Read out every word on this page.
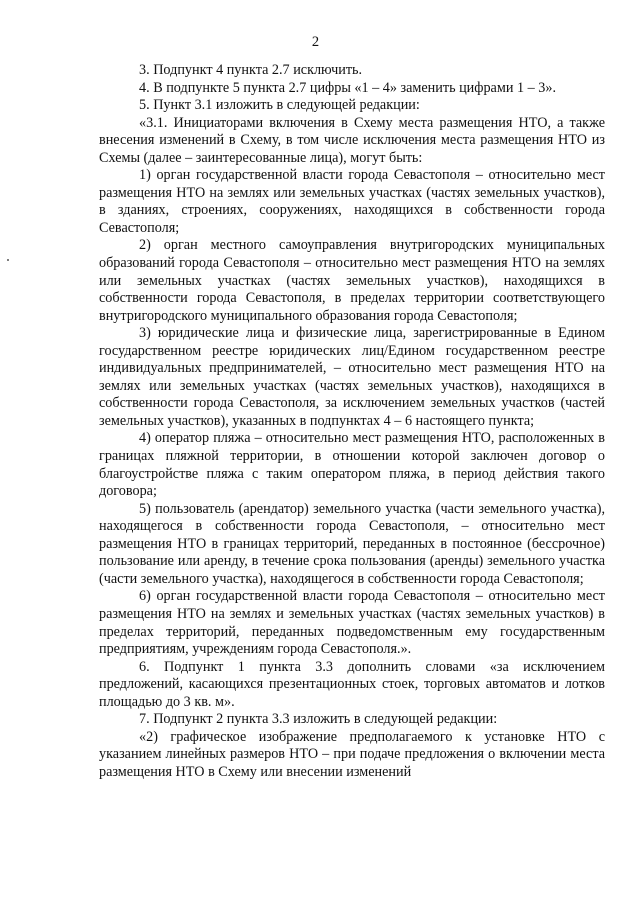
2

3. Подпункт 4 пункта 2.7 исключить.

4. В подпункте 5 пункта 2.7 цифры «1 – 4» заменить цифрами 1 – 3».

5. Пункт 3.1 изложить в следующей редакции:

«3.1. Инициаторами включения в Схему места размещения НТО, а также внесения изменений в Схему, в том числе исключения места размещения НТО из Схемы (далее – заинтересованные лица), могут быть:

1) орган государственной власти города Севастополя – относительно мест размещения НТО на землях или земельных участках (частях земельных участков), в зданиях, строениях, сооружениях, находящихся в собственности города Севастополя;

2) орган местного самоуправления внутригородских муниципальных образований города Севастополя – относительно мест размещения НТО на землях или земельных участках (частях земельных участков), находящихся в собственности города Севастополя, в пределах территории соответствующего внутригородского муниципального образования города Севастополя;

3) юридические лица и физические лица, зарегистрированные в Едином государственном реестре юридических лиц/Едином государственном реестре индивидуальных предпринимателей, – относительно мест размещения НТО на землях или земельных участках (частях земельных участков), находящихся в собственности города Севастополя, за исключением земельных участков (частей земельных участков), указанных в подпунктах 4 – 6 настоящего пункта;

4) оператор пляжа – относительно мест размещения НТО, расположенных в границах пляжной территории, в отношении которой заключен договор о благоустройстве пляжа с таким оператором пляжа, в период действия такого договора;

5) пользователь (арендатор) земельного участка (части земельного участка), находящегося в собственности города Севастополя, – относительно мест размещения НТО в границах территорий, переданных в постоянное (бессрочное) пользование или аренду, в течение срока пользования (аренды) земельного участка (части земельного участка), находящегося в собственности города Севастополя;

6) орган государственной власти города Севастополя – относительно мест размещения НТО на землях и земельных участках (частях земельных участков) в пределах территорий, переданных подведомственным ему государственным предприятиям, учреждениям города Севастополя.».

6. Подпункт 1 пункта 3.3 дополнить словами «за исключением предложений, касающихся презентационных стоек, торговых автоматов и лотков площадью до 3 кв. м».

7. Подпункт 2 пункта 3.3 изложить в следующей редакции:

«2) графическое изображение предполагаемого к установке НТО с указанием линейных размеров НТО – при подаче предложения о включении места размещения НТО в Схему или внесении изменений
